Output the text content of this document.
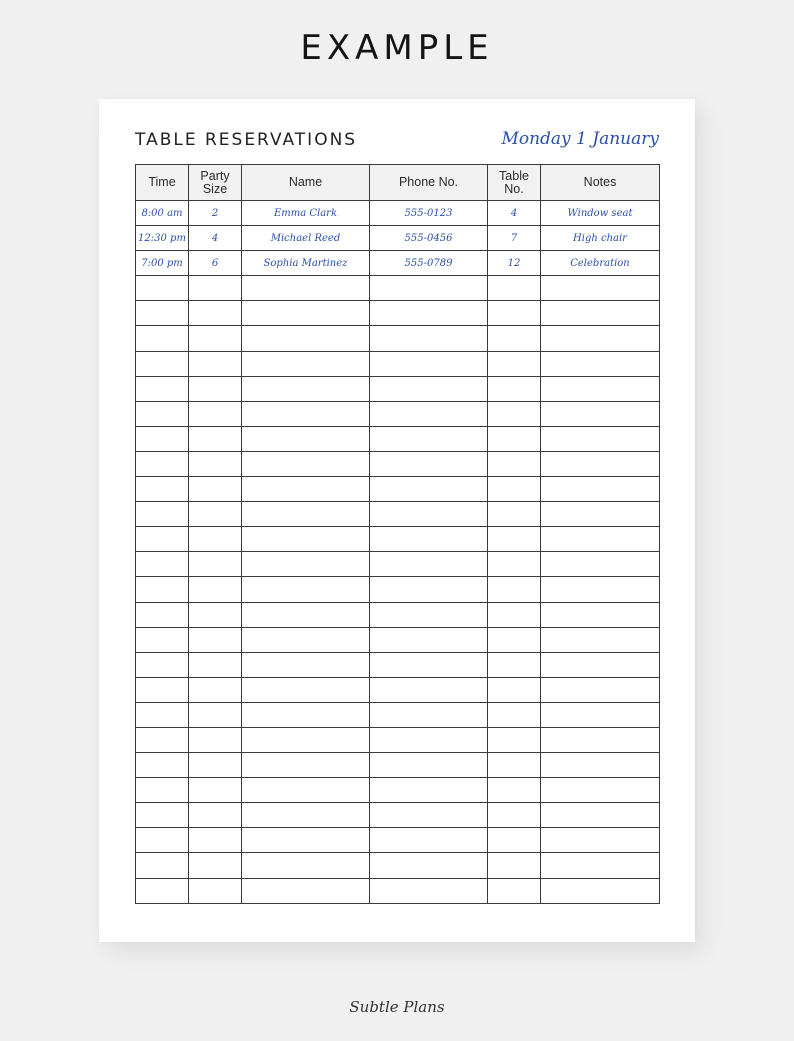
EXAMPLE
TABLE RESERVATIONS	Monday 1 January
Time	Party Size	Name	Phone No.	Table No.	Notes
8:00 am	2	Emma Clark	555-0123	4	Window seat
12:30 pm	4	Michael Reed	555-0456	7	High chair
7:00 pm	6	Sophia Martinez	555-0789	12	Celebration

Subtle Plans
